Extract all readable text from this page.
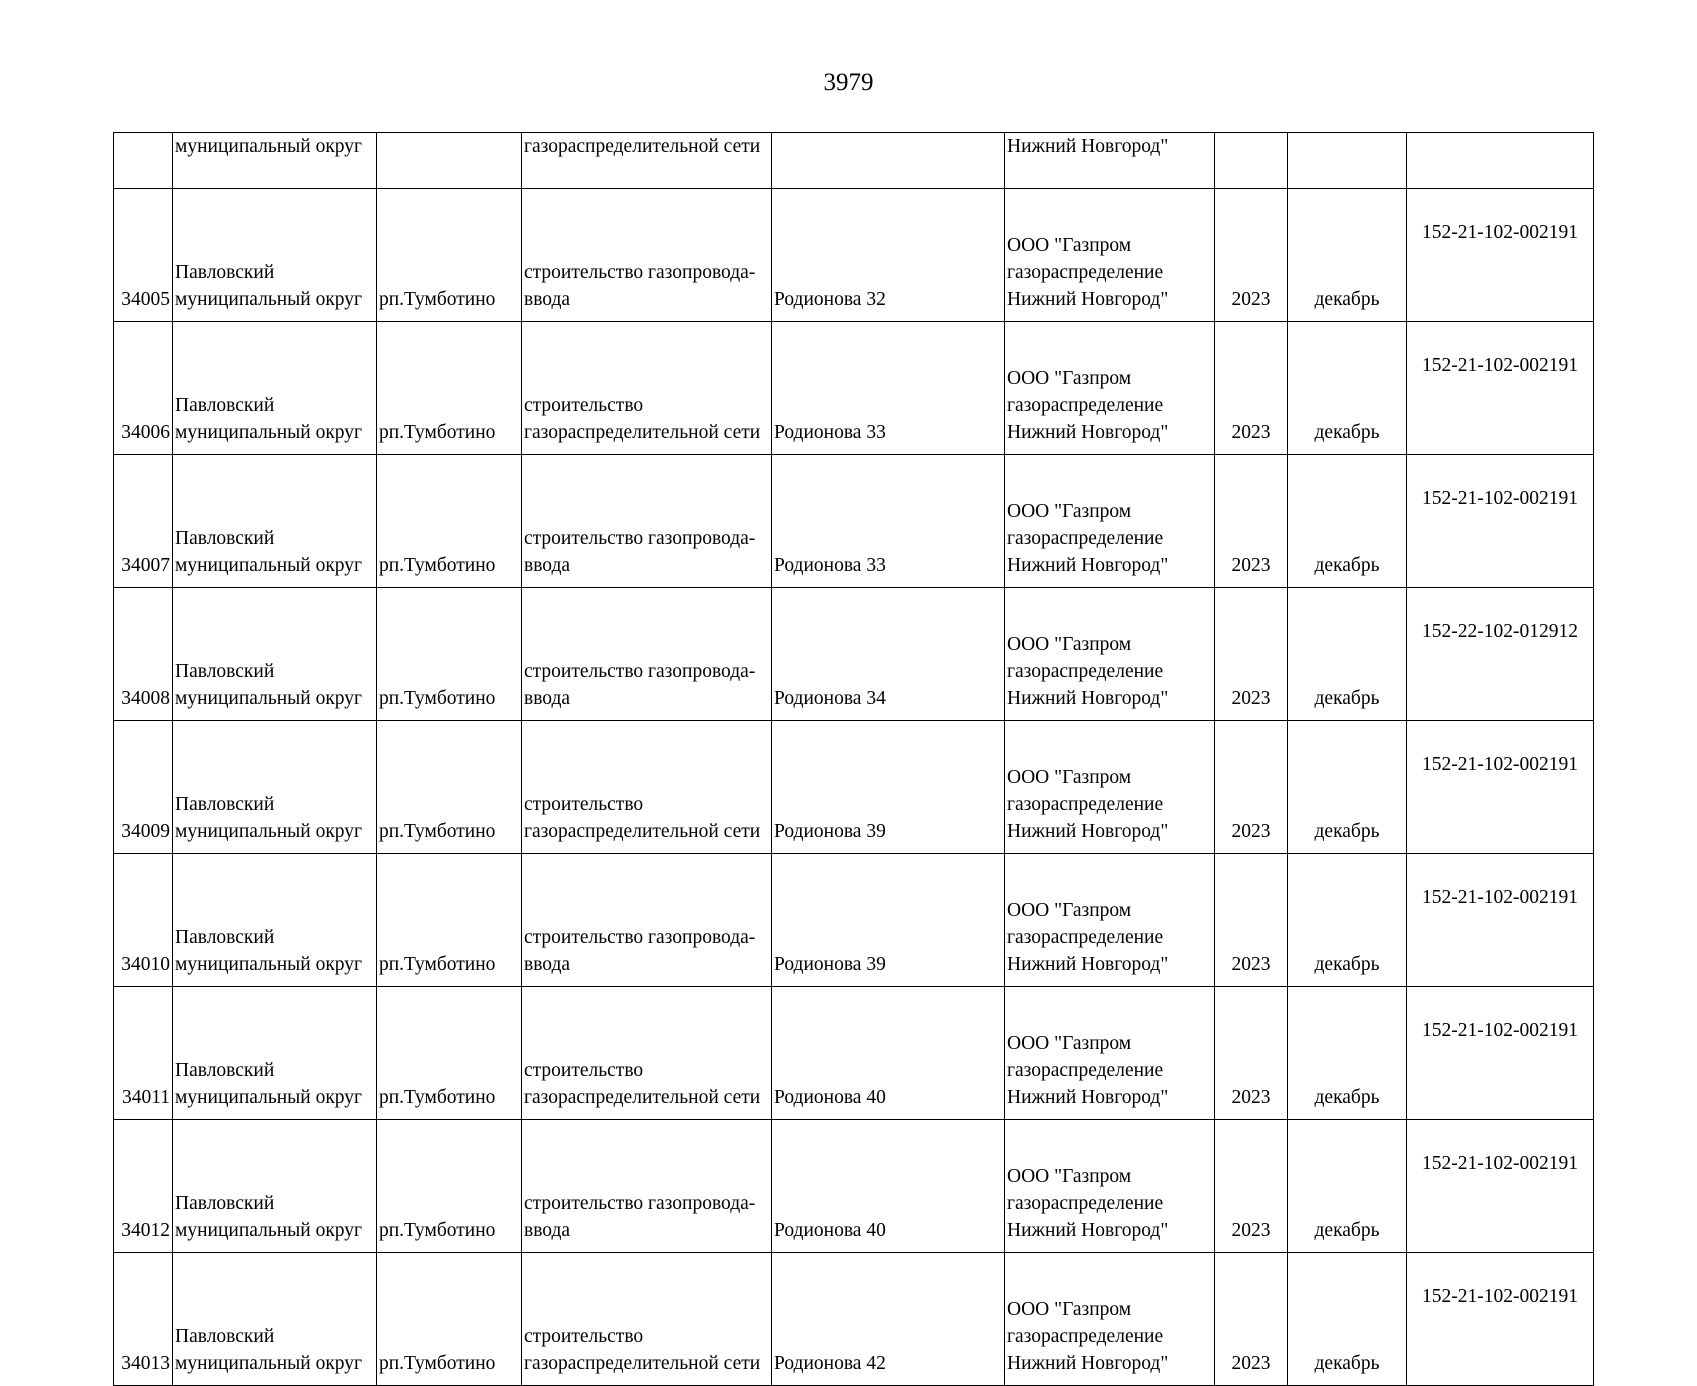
3979
	муниципальный округ		газораспределительной сети		Нижний Новгород"			
34005	Павловский
муниципальный округ	рп.Тумботино	строительство газопровода-
ввода	Родионова 32	ООО "Газпром
газораспределение
Нижний Новгород"	2023	декабрь	152-21-102-002191
34006	Павловский
муниципальный округ	рп.Тумботино	строительство
газораспределительной сети	Родионова 33	ООО "Газпром
газораспределение
Нижний Новгород"	2023	декабрь	152-21-102-002191
34007	Павловский
муниципальный округ	рп.Тумботино	строительство газопровода-
ввода	Родионова 33	ООО "Газпром
газораспределение
Нижний Новгород"	2023	декабрь	152-21-102-002191
34008	Павловский
муниципальный округ	рп.Тумботино	строительство газопровода-
ввода	Родионова 34	ООО "Газпром
газораспределение
Нижний Новгород"	2023	декабрь	152-22-102-012912
34009	Павловский
муниципальный округ	рп.Тумботино	строительство
газораспределительной сети	Родионова 39	ООО "Газпром
газораспределение
Нижний Новгород"	2023	декабрь	152-21-102-002191
34010	Павловский
муниципальный округ	рп.Тумботино	строительство газопровода-
ввода	Родионова 39	ООО "Газпром
газораспределение
Нижний Новгород"	2023	декабрь	152-21-102-002191
34011	Павловский
муниципальный округ	рп.Тумботино	строительство
газораспределительной сети	Родионова 40	ООО "Газпром
газораспределение
Нижний Новгород"	2023	декабрь	152-21-102-002191
34012	Павловский
муниципальный округ	рп.Тумботино	строительство газопровода-
ввода	Родионова 40	ООО "Газпром
газораспределение
Нижний Новгород"	2023	декабрь	152-21-102-002191
34013	Павловский
муниципальный округ	рп.Тумботино	строительство
газораспределительной сети	Родионова 42	ООО "Газпром
газораспределение
Нижний Новгород"	2023	декабрь	152-21-102-002191
